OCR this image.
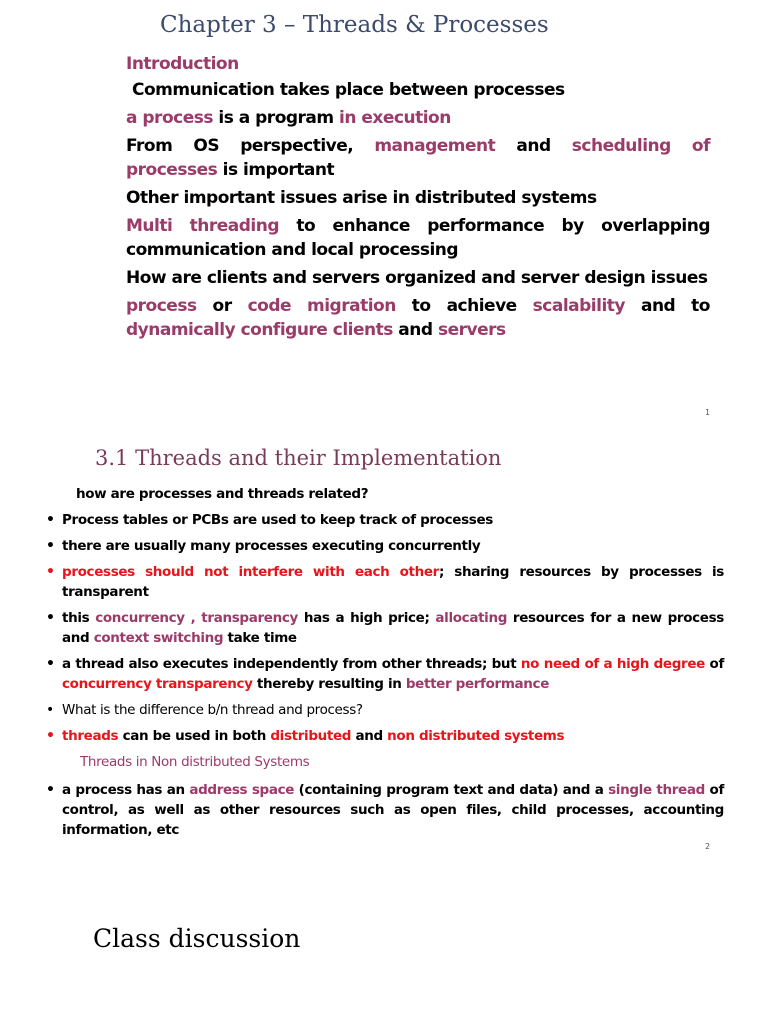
Chapter 3 – Threads & Processes

Introduction

Communication takes place between processes

a process is a program in execution

From OS perspective, management and scheduling of processes is important

Other important issues arise in distributed systems

Multi threading to enhance performance by overlapping communication and local processing

How are clients and servers organized and server design issues

process or code migration to achieve scalability and to dynamically configure clients and servers

1
3.1 Threads and their Implementation

how are processes and threads related?

• Process tables or PCBs are used to keep track of processes

• there are usually many processes executing concurrently

• processes should not interfere with each other; sharing resources by processes is transparent

• this concurrency , transparency has a high price; allocating resources for a new process and context switching take time

• a thread also executes independently from other threads; but no need of a high degree of concurrency transparency thereby resulting in better performance

• What is the difference b/n thread and process?

• threads can be used in both distributed and non distributed systems

Threads in Non distributed Systems

• a process has an address space (containing program text and data) and a single thread of control, as well as other resources such as open files, child processes, accounting information, etc

2
Class discussion
